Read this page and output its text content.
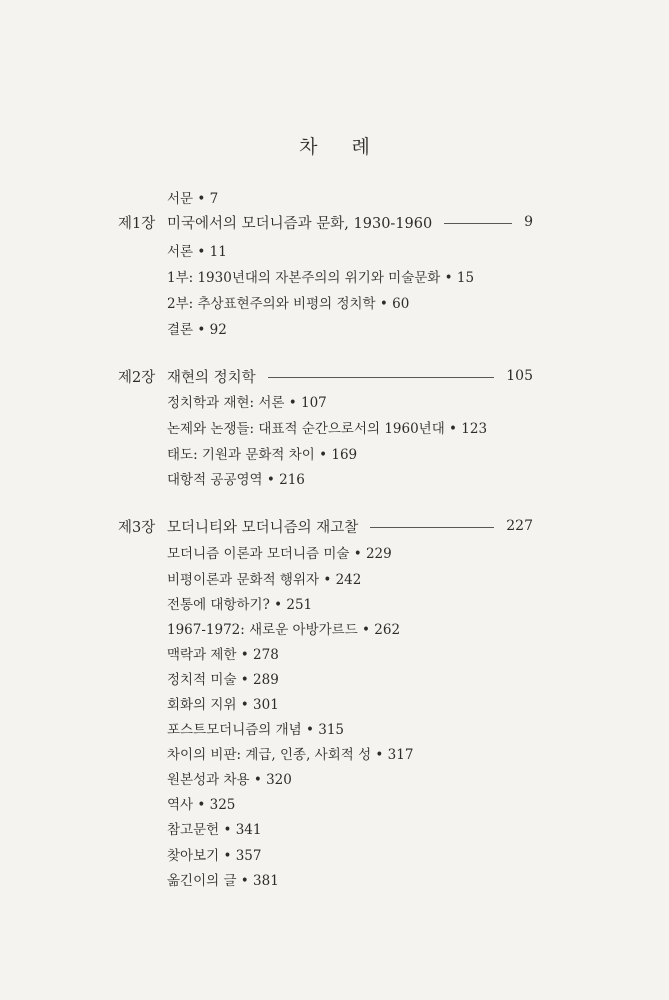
차 례
서문 • 7
제1장 미국에서의 모더니즘과 문화, 1930-1960	9
서론 • 11
1부: 1930년대의 자본주의의 위기와 미술문화 • 15
2부: 추상표현주의와 비평의 정치학 • 60
결론 • 92
제2장 재현의 정치학	105
정치학과 재현: 서론 • 107
논제와 논쟁들: 대표적 순간으로서의 1960년대 • 123
태도: 기원과 문화적 차이 • 169
대항적 공공영역 • 216
제3장 모더니티와 모더니즘의 재고찰	227
모더니즘 이론과 모더니즘 미술 • 229
비평이론과 문화적 행위자 • 242
전통에 대항하기? • 251
1967-1972: 새로운 아방가르드 • 262
맥락과 제한 • 278
정치적 미술 • 289
회화의 지위 • 301
포스트모더니즘의 개념 • 315
차이의 비판: 계급, 인종, 사회적 성 • 317
원본성과 차용 • 320
역사 • 325
참고문헌 • 341
찾아보기 • 357
옮긴이의 글 • 381
